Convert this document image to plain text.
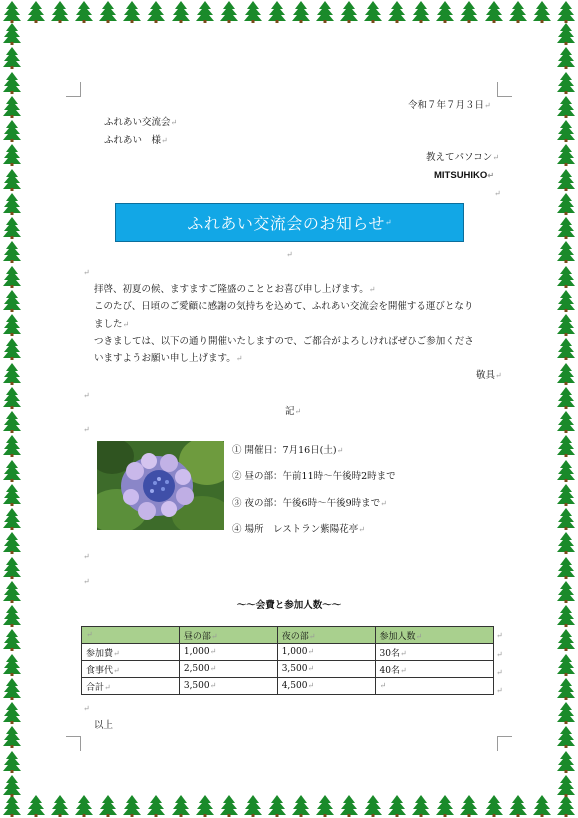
令和７年７月３日 ↵
ふれあい交流会 ↵
ふれあい　様 ↵
教えてパソコン ↵
MITSUHIKO ↵
↵
ふれあい交流会のお知らせ
↵
↵
↵
拝啓、初夏の候、ますますご隆盛のこととお喜び申し上げます。 ↵
このたび、日頃のご愛顧に感謝の気持ちを込めて、ふれあい交流会を開催する運びとなり
ました ↵
つきましては、以下の通り開催いたしますので、ご都合がよろしければぜひご参加くださ
いますようお願い申し上げます。 ↵
敬具 ↵
↵
記 ↵
↵
① 開催日：7月16日(土) ↵
② 昼の部：午前11時～午後時2時まで
③ 夜の部：午後6時～午後9時まで ↵
④ 場所　レストラン紫陽花亭 ↵
↵
↵
～～会費と参加人数～～
↵	昼の部 ↵	夜の部 ↵	参加人数 ↵
参加費 ↵	1,000 ↵	1,000 ↵	30名 ↵
食事代 ↵	2,500 ↵	3,500 ↵	40名 ↵
合計 ↵	3,500 ↵	4,500 ↵	↵
↵
↵
↵
↵
↵
以上
